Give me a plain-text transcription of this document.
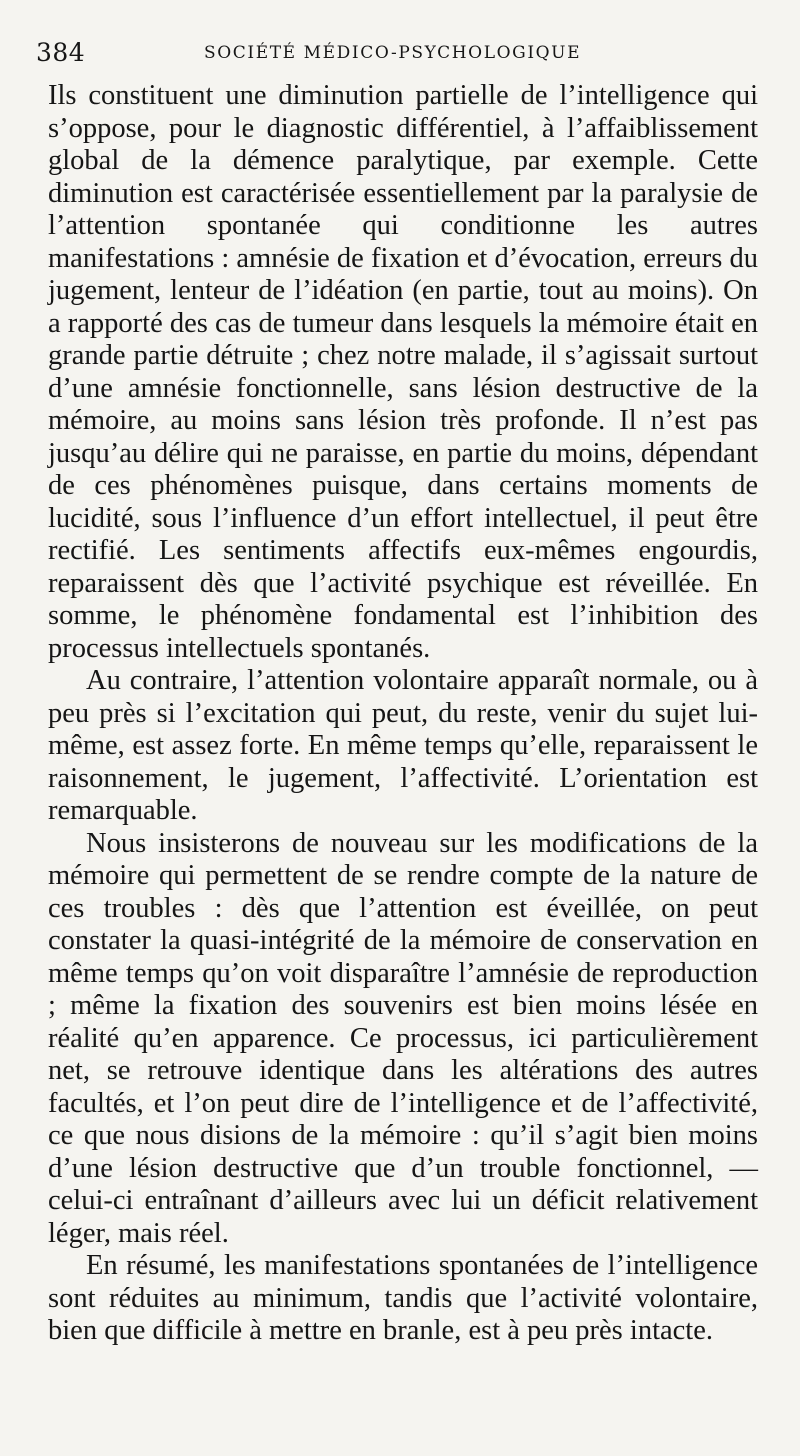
384	SOCIÉTÉ MÉDICO-PSYCHOLOGIQUE

Ils constituent une diminution partielle de l’intelligence qui s’oppose, pour le diagnostic différentiel, à l’affaiblissement global de la démence paralytique, par exemple. Cette diminution est caractérisée essentiellement par la paralysie de l’attention spontanée qui conditionne les autres manifestations : amnésie de fixation et d’évocation, erreurs du jugement, lenteur de l’idéation (en partie, tout au moins). On a rapporté des cas de tumeur dans lesquels la mémoire était en grande partie détruite ; chez notre malade, il s’agissait surtout d’une amnésie fonctionnelle, sans lésion destructive de la mémoire, au moins sans lésion très profonde. Il n’est pas jusqu’au délire qui ne paraisse, en partie du moins, dépendant de ces phénomènes puisque, dans certains moments de lucidité, sous l’influence d’un effort intellectuel, il peut être rectifié. Les sentiments affectifs eux-mêmes engourdis, reparaissent dès que l’activité psychique est réveillée. En somme, le phénomène fondamental est l’inhibition des processus intellectuels spontanés.

Au contraire, l’attention volontaire apparaît normale, ou à peu près si l’excitation qui peut, du reste, venir du sujet lui-même, est assez forte. En même temps qu’elle, reparaissent le raisonnement, le jugement, l’affectivité. L’orientation est remarquable.

Nous insisterons de nouveau sur les modifications de la mémoire qui permettent de se rendre compte de la nature de ces troubles : dès que l’attention est éveillée, on peut constater la quasi-intégrité de la mémoire de conservation en même temps qu’on voit disparaître l’amnésie de reproduction ; même la fixation des souvenirs est bien moins lésée en réalité qu’en apparence. Ce processus, ici particulièrement net, se retrouve identique dans les altérations des autres facultés, et l’on peut dire de l’intelligence et de l’affectivité, ce que nous disions de la mémoire : qu’il s’agit bien moins d’une lésion destructive que d’un trouble fonctionnel, — celui-ci entraînant d’ailleurs avec lui un déficit relativement léger, mais réel.

En résumé, les manifestations spontanées de l’intelligence sont réduites au minimum, tandis que l’activité volontaire, bien que difficile à mettre en branle, est à peu près intacte.
